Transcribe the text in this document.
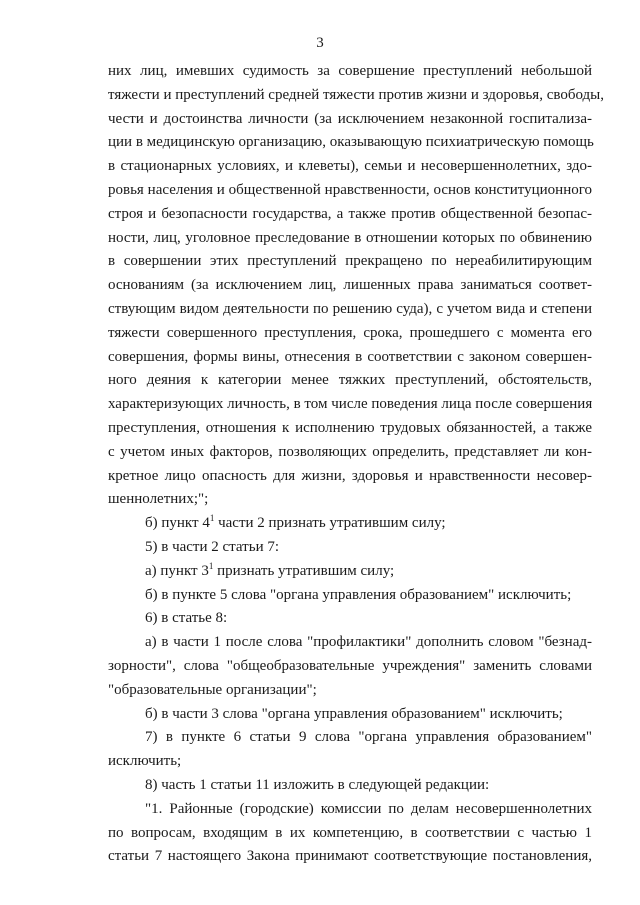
3
них лиц, имевших судимость за совершение преступлений небольшой
тяжести и преступлений средней тяжести против жизни и здоровья, свободы,
чести и достоинства личности (за исключением незаконной госпитализа-
ции в медицинскую организацию, оказывающую психиатрическую помощь
в стационарных условиях, и клеветы), семьи и несовершеннолетних, здо-
ровья населения и общественной нравственности, основ конституционного
строя и безопасности государства, а также против общественной безопас-
ности, лиц, уголовное преследование в отношении которых по обвинению
в совершении этих преступлений прекращено по нереабилитирующим
основаниям (за исключением лиц, лишенных права заниматься соответ-
ствующим видом деятельности по решению суда), с учетом вида и степени
тяжести совершенного преступления, срока, прошедшего с момента его
совершения, формы вины, отнесения в соответствии с законом совершен-
ного деяния к категории менее тяжких преступлений, обстоятельств,
характеризующих личность, в том числе поведения лица после совершения
преступления, отношения к исполнению трудовых обязанностей, а также
с учетом иных факторов, позволяющих определить, представляет ли кон-
кретное лицо опасность для жизни, здоровья и нравственности несовер-
шеннолетних;";
б) пункт $4^1$ части 2 признать утратившим силу;
5) в части 2 статьи 7:
а) пункт $3^1$ признать утратившим силу;
б) в пункте 5 слова "органа управления образованием" исключить;
6) в статье 8:
а) в части 1 после слова "профилактики" дополнить словом "безнад-
зорности", слова "общеобразовательные учреждения" заменить словами
"образовательные организации";
б) в части 3 слова "органа управления образованием" исключить;
7) в пункте 6 статьи 9 слова "органа управления образованием"
исключить;
8) часть 1 статьи 11 изложить в следующей редакции:
"1. Районные (городские) комиссии по делам несовершеннолетних
по вопросам, входящим в их компетенцию, в соответствии с частью 1
статьи 7 настоящего Закона принимают соответствующие постановления,
